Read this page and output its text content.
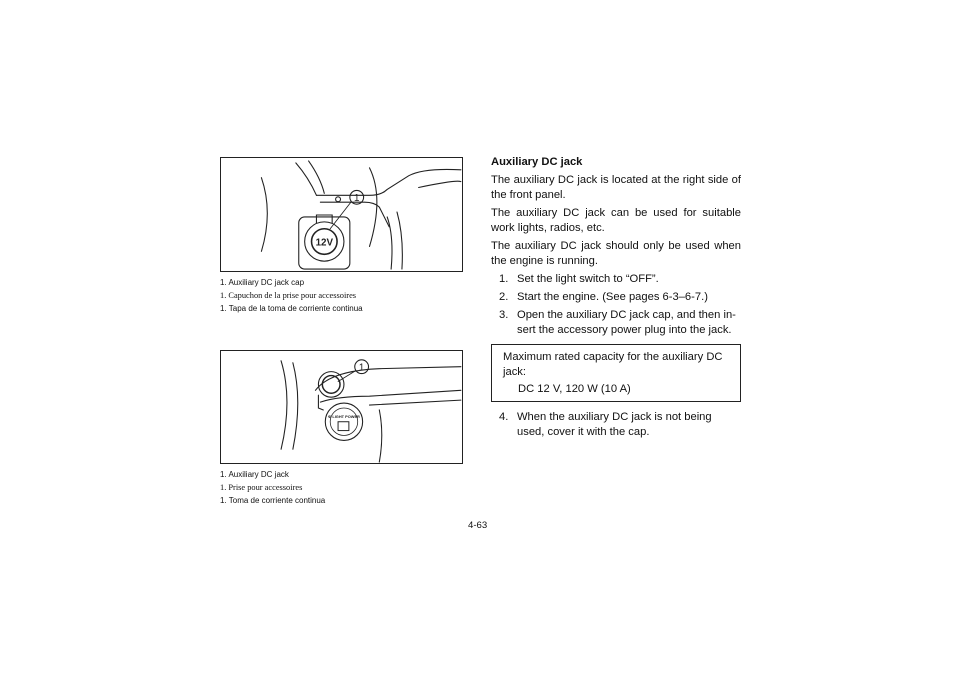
1
12V
1. Auxiliary DC jack cap
1. Capuchon de la prise pour accessoires
1. Tapa de la toma de corriente continua
1
Φ LIGHT POWER
1. Auxiliary DC jack
1. Prise pour accessoires
1. Toma de corriente continua
Auxiliary DC jack
The auxiliary DC jack is located at the right side of the front panel.
The auxiliary DC jack can be used for suitable work lights, radios, etc.
The auxiliary DC jack should only be used when the engine is running.
1. Set the light switch to “OFF”.
2. Start the engine. (See pages 6-3–6-7.)
3. Open the auxiliary DC jack cap, and then in-sert the accessory power plug into the jack.
Maximum rated capacity for the auxiliary DC jack:
DC 12 V, 120 W (10 A)
4. When the auxiliary DC jack is not being used, cover it with the cap.
4-63
